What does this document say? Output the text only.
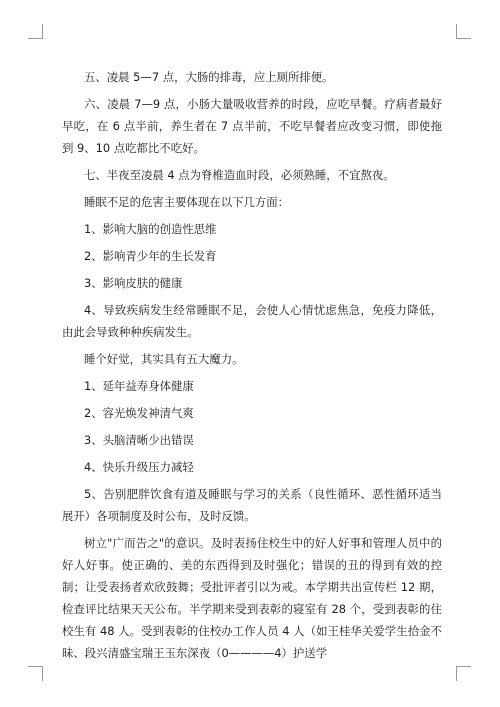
五、凌晨 5—7 点，大肠的排毒，应上厕所排便。

六、凌晨 7—9 点，小肠大量吸收营养的时段，应吃早餐。疗病者最好早吃，在 6 点半前，养生者在 7 点半前，不吃早餐者应改变习惯，即使拖到 9、10 点吃都比不吃好。

七、半夜至凌晨 4 点为脊椎造血时段，必须熟睡，不宜熬夜。

睡眠不足的危害主要体现在以下几方面：

1、影响大脑的创造性思维

2、影响青少年的生长发育

3、影响皮肤的健康

4、导致疾病发生经常睡眠不足，会使人心情忧虑焦急，免疫力降低，由此会导致种种疾病发生。

睡个好觉，其实具有五大魔力。

1、延年益寿身体健康

2、容光焕发神清气爽

3、头脑清晰少出错误

4、快乐升级压力减轻

5、告别肥胖饮食有道及睡眠与学习的关系（良性循环、恶性循环适当展开）各项制度及时公布，及时反馈。

树立"广而告之"的意识。及时表扬住校生中的好人好事和管理人员中的好人好事。使正确的、美的东西得到及时强化；错误的丑的得到有效的控制；让受表扬者欢欣鼓舞；受批评者引以为戒。本学期共出宣传栏 12 期，检查评比结果天天公布。半学期来受到表彰的寝室有 28 个，受到表彰的住校生有 48 人。受到表彰的住校办工作人员 4 人（如王桂华关爱学生拾金不昧、段兴清盛宝瑞王玉东深夜（0————4）护送学
